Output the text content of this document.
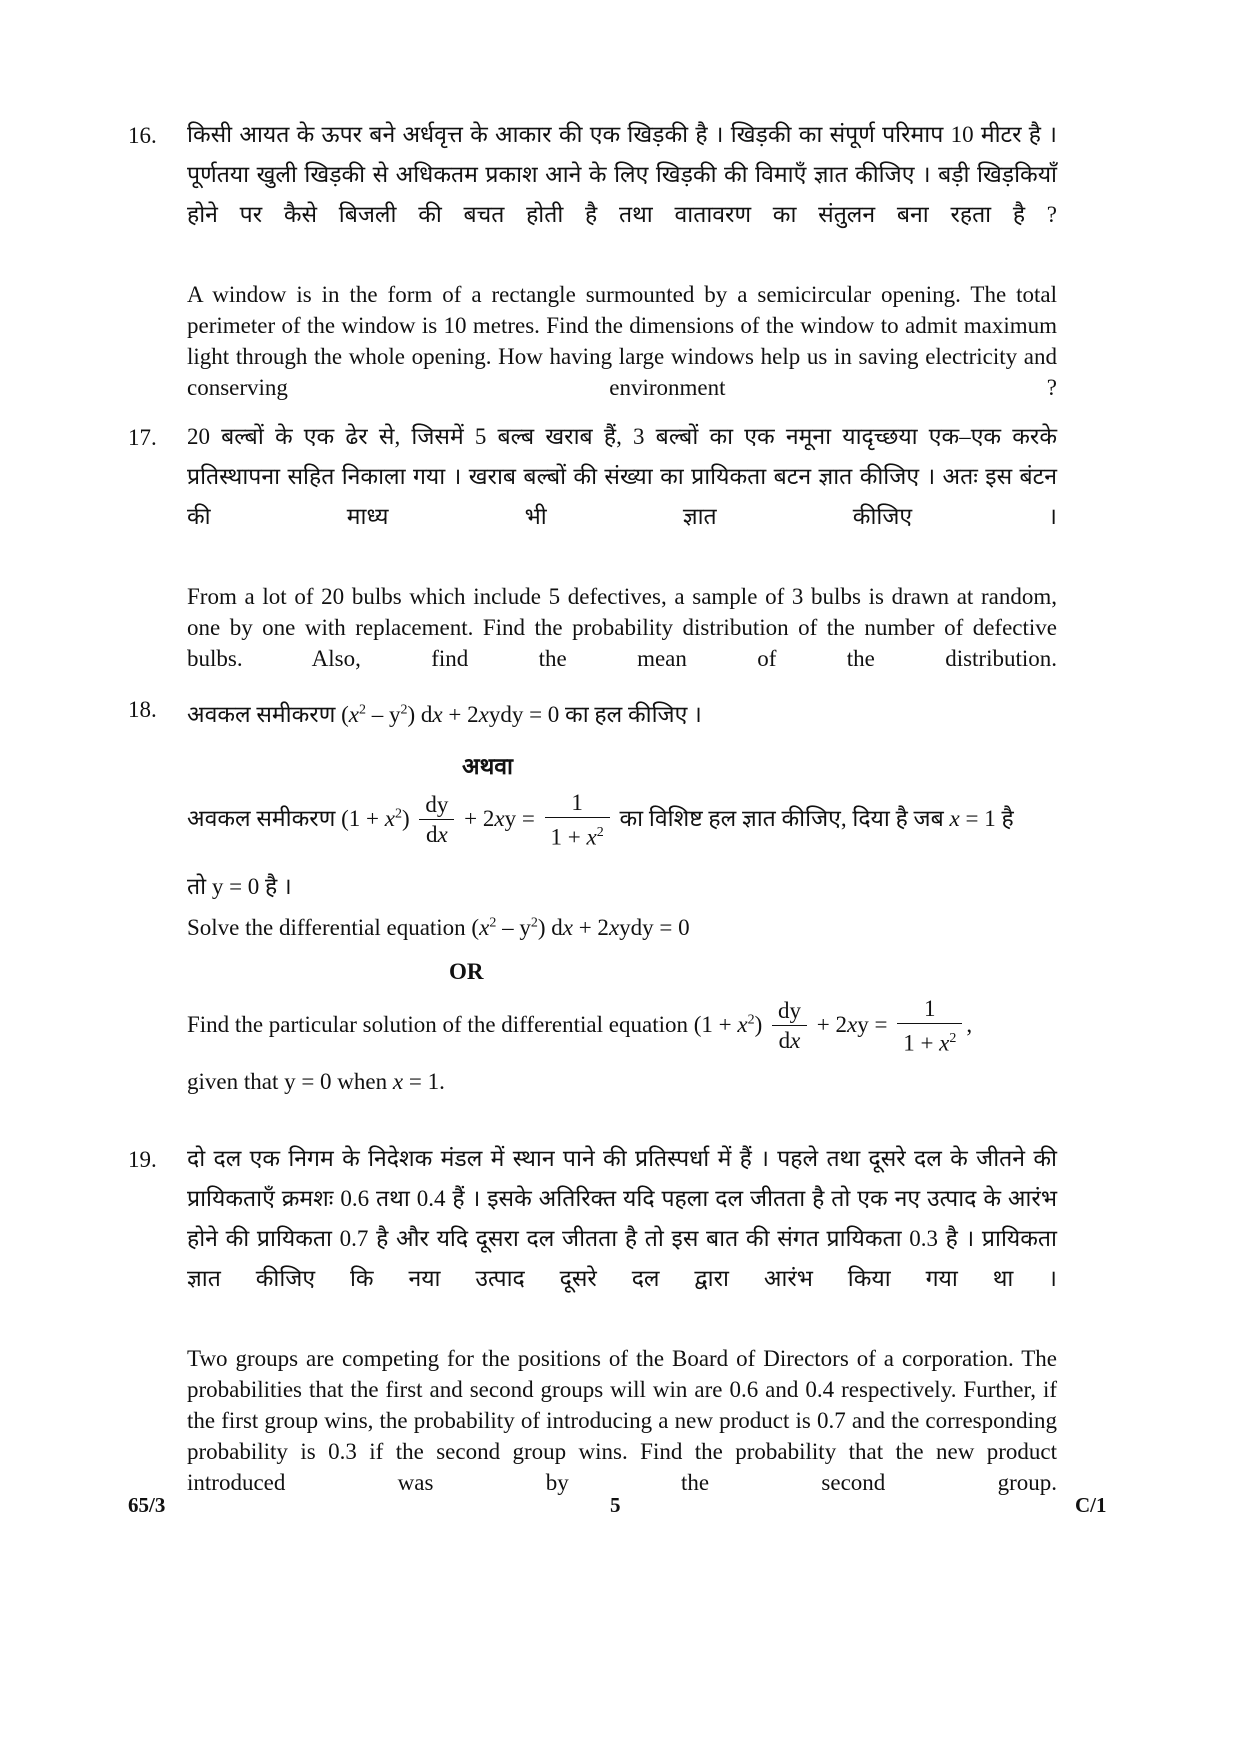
16. किसी आयत के ऊपर बने अर्धवृत्त के आकार की एक खिड़की है । खिड़की का संपूर्ण परिमाप 10 मीटर है । पूर्णतया खुली खिड़की से अधिकतम प्रकाश आने के लिए खिड़की की विमाएँ ज्ञात कीजिए । बड़ी खिड़कियाँ होने पर कैसे बिजली की बचत होती है तथा वातावरण का संतुलन बना रहता है ?

A window is in the form of a rectangle surmounted by a semicircular opening. The total perimeter of the window is 10 metres. Find the dimensions of the window to admit maximum light through the whole opening. How having large windows help us in saving electricity and conserving environment ?

17. 20 बल्बों के एक ढेर से, जिसमें 5 बल्ब खराब हैं, 3 बल्बों का एक नमूना यादृच्छया एक–एक करके प्रतिस्थापना सहित निकाला गया । खराब बल्बों की संख्या का प्रायिकता बटन ज्ञात कीजिए । अतः इस बंटन की माध्य भी ज्ञात कीजिए ।

From a lot of 20 bulbs which include 5 defectives, a sample of 3 bulbs is drawn at random, one by one with replacement. Find the probability distribution of the number of defective bulbs. Also, find the mean of the distribution.

18. अवकल समीकरण $(x^2 - y^2)$ dx + 2xydy = 0 का हल कीजिए ।
अथवा
अवकल समीकरण $(1 + x^2) \frac{dy}{dx} + 2xy = \frac{1}{1 + x^2}$ का विशिष्ट हल ज्ञात कीजिए, दिया है जब x = 1 है
तो y = 0 है ।
Solve the differential equation $(x^2 - y^2)$ dx + 2xydy = 0
OR
Find the particular solution of the differential equation $(1 + x^2) \frac{dy}{dx} + 2xy = \frac{1}{1 + x^2}$ ,
given that y = 0 when x = 1.
19. दो दल एक निगम के निदेशक मंडल में स्थान पाने की प्रतिस्पर्धा में हैं । पहले तथा दूसरे दल के जीतने की प्रायिकताएँ क्रमशः 0.6 तथा 0.4 हैं । इसके अतिरिक्त यदि पहला दल जीतता है तो एक नए उत्पाद के आरंभ होने की प्रायिकता 0.7 है और यदि दूसरा दल जीतता है तो इस बात की संगत प्रायिकता 0.3 है । प्रायिकता ज्ञात कीजिए कि नया उत्पाद दूसरे दल द्वारा आरंभ किया गया था ।

Two groups are competing for the positions of the Board of Directors of a corporation. The probabilities that the first and second groups will win are 0.6 and 0.4 respectively. Further, if the first group wins, the probability of introducing a new product is 0.7 and the corresponding probability is 0.3 if the second group wins. Find the probability that the new product introduced was by the second group.

65/3	5	C/1
